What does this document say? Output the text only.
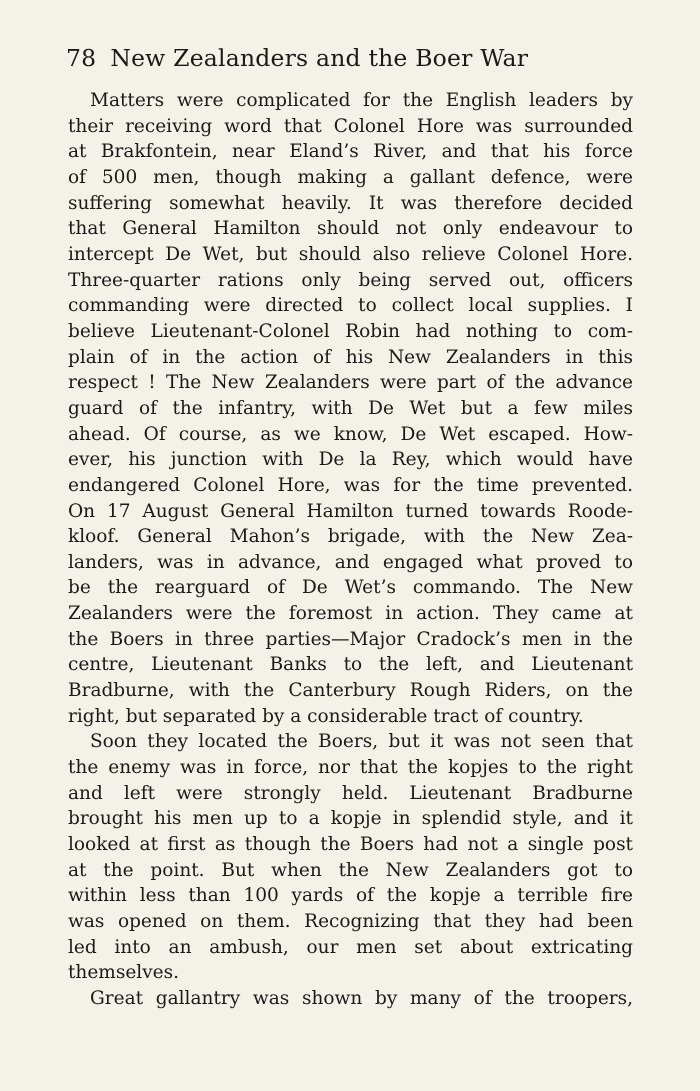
78 New Zealanders and the Boer War
Matters were complicated for the English leaders by
their receiving word that Colonel Hore was surrounded
at Brakfontein, near Eland’s River, and that his force
of 500 men, though making a gallant defence, were
suffering somewhat heavily. It was therefore decided
that General Hamilton should not only endeavour to
intercept De Wet, but should also relieve Colonel Hore.
Three-quarter rations only being served out, officers
commanding were directed to collect local supplies. I
believe Lieutenant-Colonel Robin had nothing to com-
plain of in the action of his New Zealanders in this
respect ! The New Zealanders were part of the advance
guard of the infantry, with De Wet but a few miles
ahead. Of course, as we know, De Wet escaped. How-
ever, his junction with De la Rey, which would have
endangered Colonel Hore, was for the time prevented.
On 17 August General Hamilton turned towards Roode-
kloof. General Mahon’s brigade, with the New Zea-
landers, was in advance, and engaged what proved to
be the rearguard of De Wet’s commando. The New
Zealanders were the foremost in action. They came at
the Boers in three parties—Major Cradock’s men in the
centre, Lieutenant Banks to the left, and Lieutenant
Bradburne, with the Canterbury Rough Riders, on the
right, but separated by a considerable tract of country.
Soon they located the Boers, but it was not seen that
the enemy was in force, nor that the kopjes to the right
and left were strongly held. Lieutenant Bradburne
brought his men up to a kopje in splendid style, and it
looked at first as though the Boers had not a single post
at the point. But when the New Zealanders got to
within less than 100 yards of the kopje a terrible fire
was opened on them. Recognizing that they had been
led into an ambush, our men set about extricating
themselves.
Great gallantry was shown by many of the troopers,
